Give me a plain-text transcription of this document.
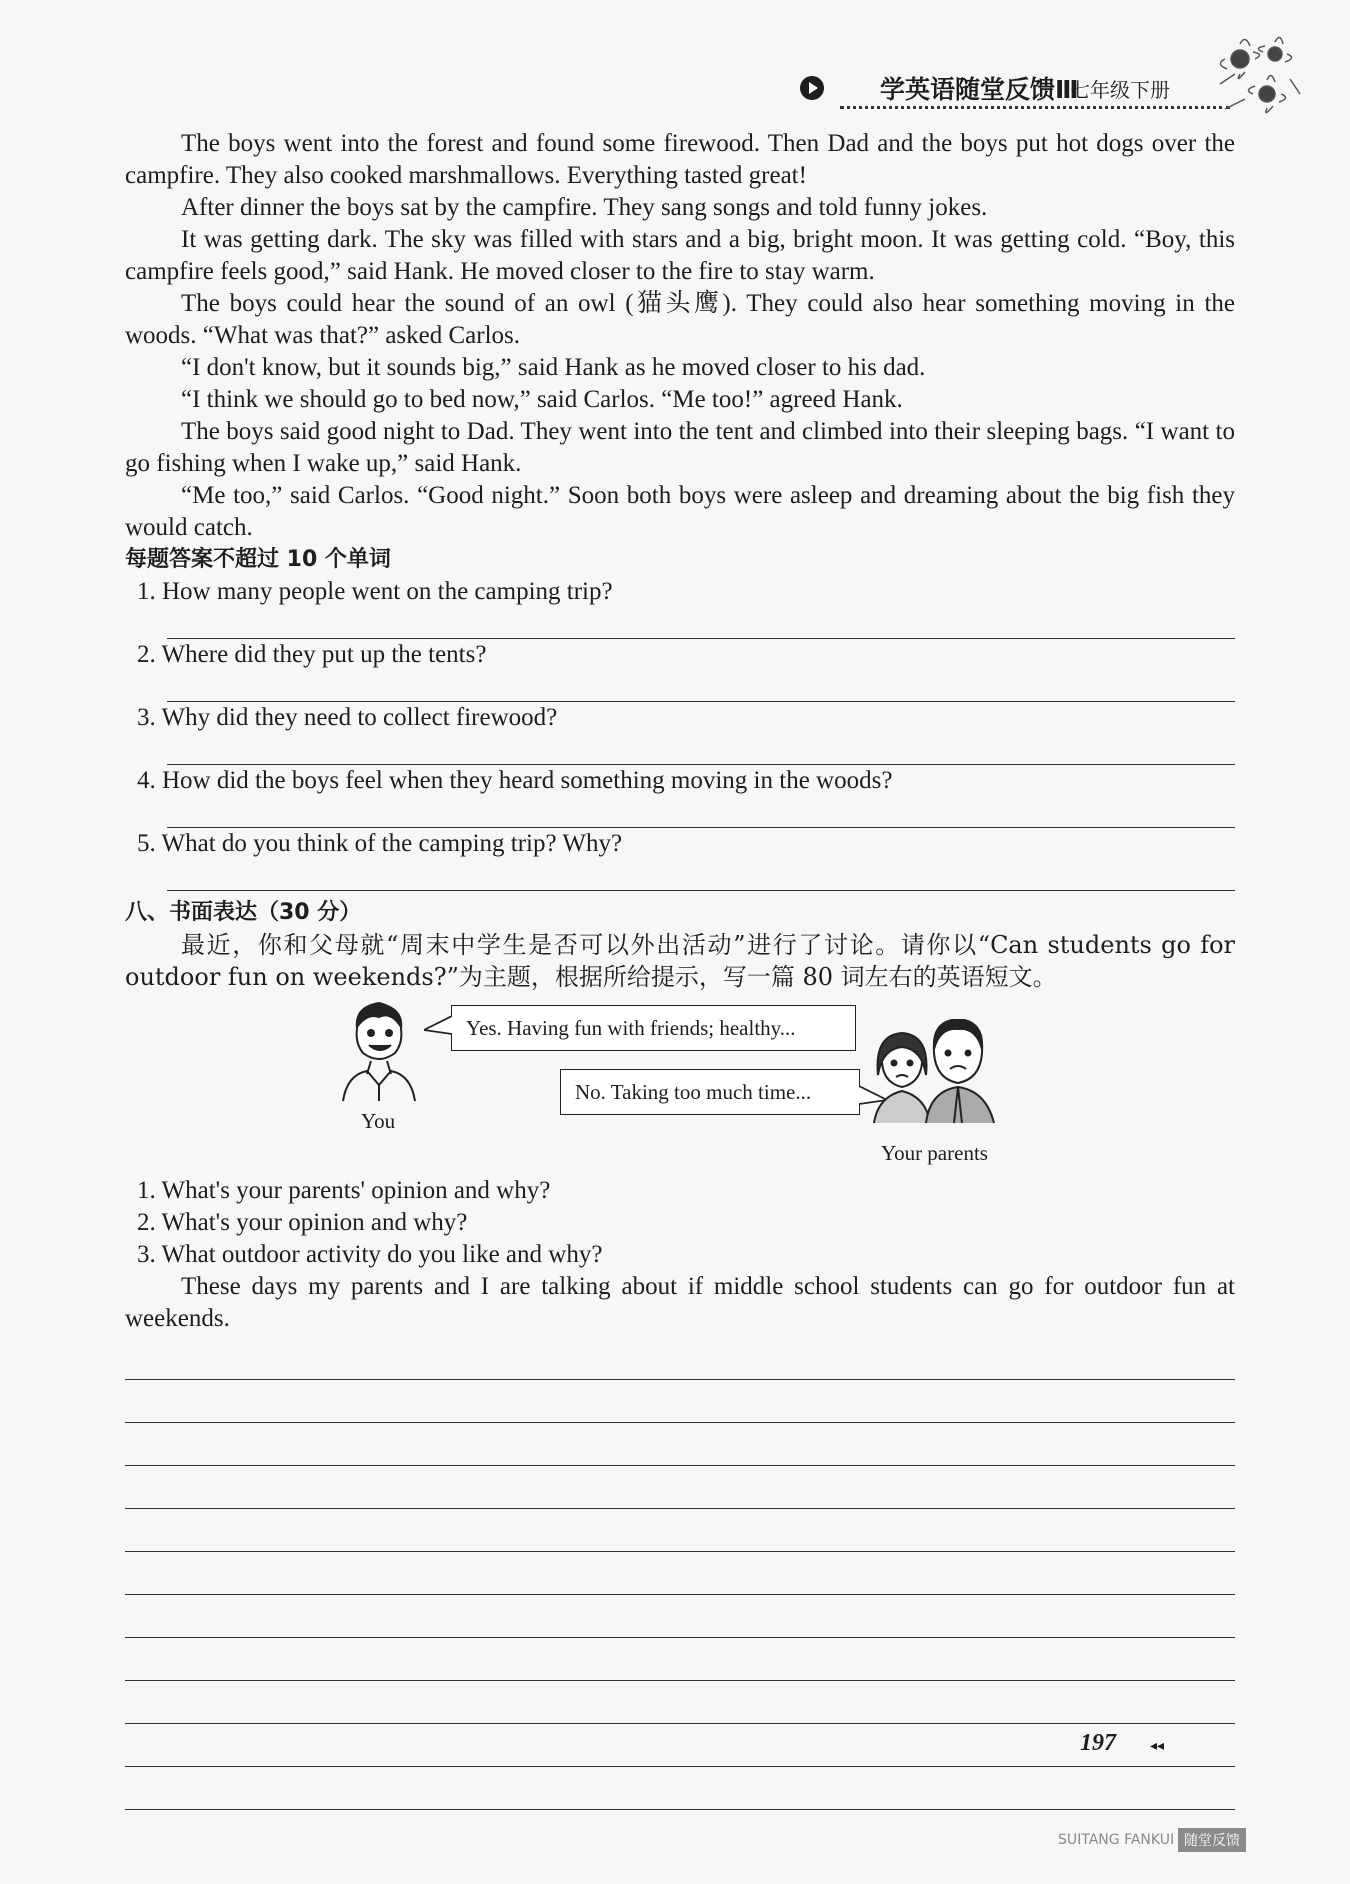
学英语随堂反馈Ⅲ
七年级下册

The boys went into the forest and found some firewood. Then Dad and the boys put hot dogs over the campfire. They also cooked marshmallows. Everything tasted great!

After dinner the boys sat by the campfire. They sang songs and told funny jokes.

It was getting dark. The sky was filled with stars and a big, bright moon. It was getting cold. “Boy, this campfire feels good,” said Hank. He moved closer to the fire to stay warm.

The boys could hear the sound of an owl (猫头鹰). They could also hear something moving in the woods. “What was that?” asked Carlos.

“I don't know, but it sounds big,” said Hank as he moved closer to his dad.

“I think we should go to bed now,” said Carlos. “Me too!” agreed Hank.

The boys said good night to Dad. They went into the tent and climbed into their sleeping bags. “I want to go fishing when I wake up,” said Hank.

“Me too,” said Carlos. “Good night.” Soon both boys were asleep and dreaming about the big fish they would catch.

每题答案不超过 10 个单词
1. How many people went on the camping trip?
2. Where did they put up the tents?
3. Why did they need to collect firewood?
4. How did the boys feel when they heard something moving in the woods?
5. What do you think of the camping trip? Why?
八、书面表达（30 分）

最近，你和父母就“周末中学生是否可以外出活动”进行了讨论。请你以“Can students go for outdoor fun on weekends?”为主题，根据所给提示，写一篇 80 词左右的英语短文。

You
Yes. Having fun with friends; healthy...
No. Taking too much time...
Your parents
1. What's your parents' opinion and why?
2. What's your opinion and why?
3. What outdoor activity do you like and why?

These days my parents and I are talking about if middle school students can go for outdoor fun at weekends.

197 ◂◂
SUITANG FANKUI 随堂反馈
